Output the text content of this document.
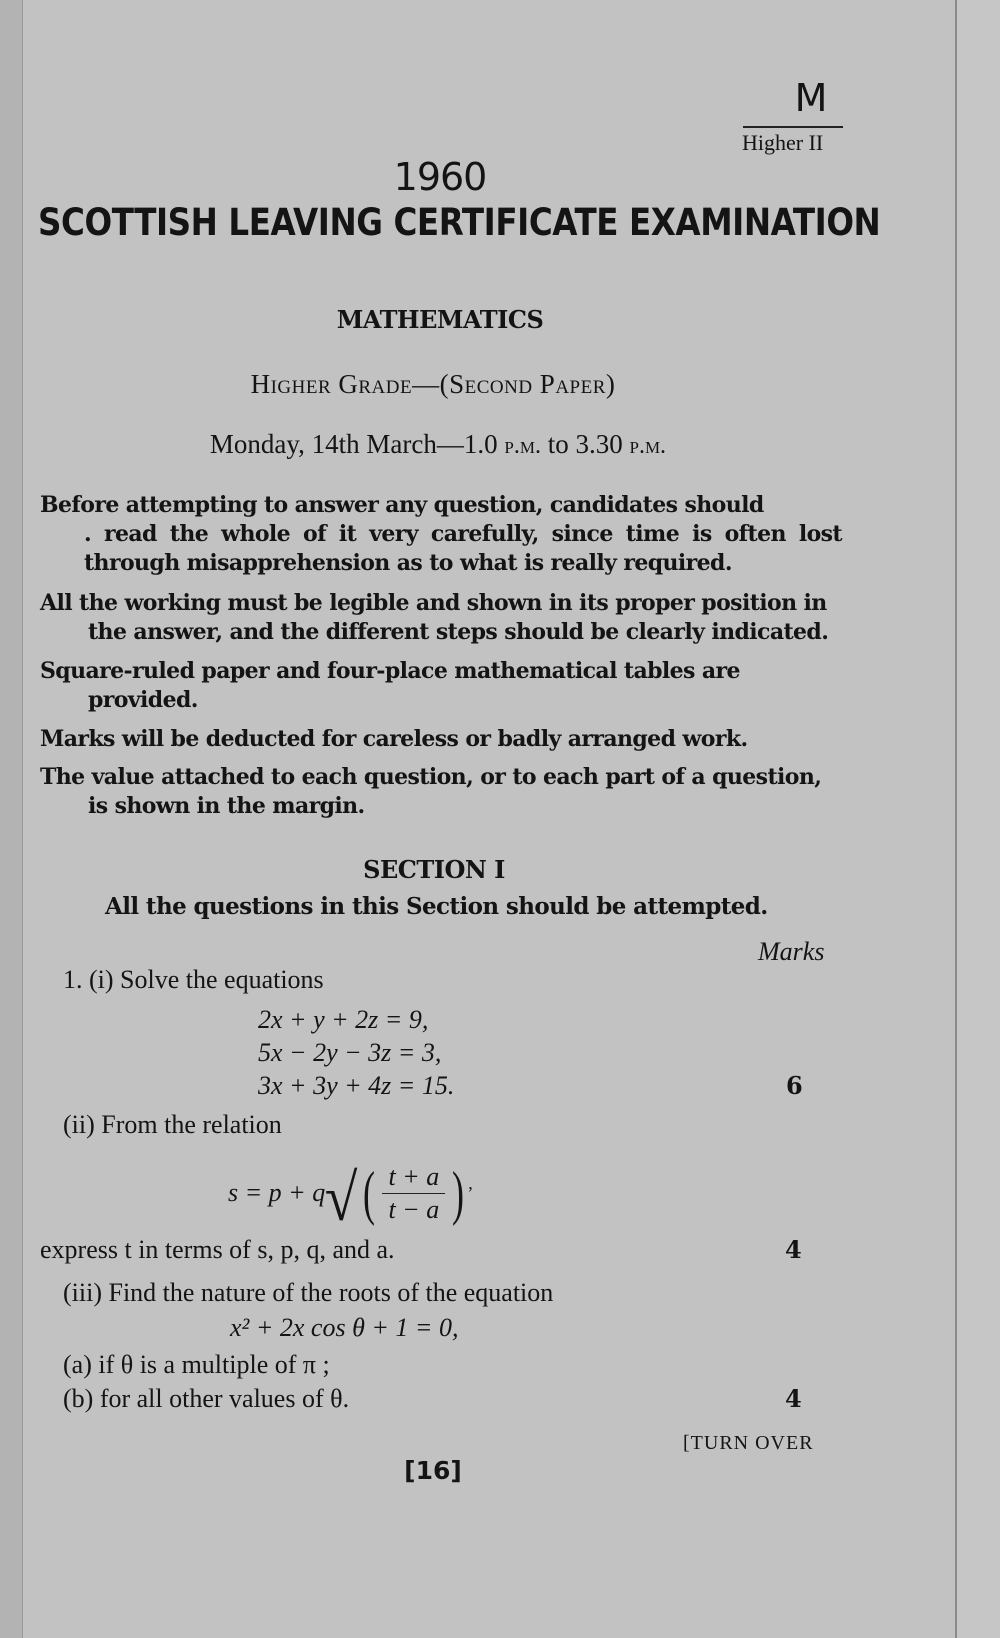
M
Higher II
1960
SCOTTISH LEAVING CERTIFICATE EXAMINATION
MATHEMATICS
Higher Grade—(Second Paper)
Monday, 14th March—1.0 p.m. to 3.30 p.m.
Before attempting to answer any question, candidates should
. read the whole of it very carefully, since time is often lost through misapprehension as to what is really required.
All the working must be legible and shown in its proper position in
the answer, and the different steps should be clearly indicated.
Square-ruled paper and four-place mathematical tables are
provided.
Marks will be deducted for careless or badly arranged work.
The value attached to each question, or to each part of a question,
is shown in the margin.
SECTION I
All the questions in this Section should be attempted.
Marks
1. (i) Solve the equations
2x + y + 2z = 9,
5x − 2y − 3z = 3,
3x + 3y + 4z = 15.	6
(ii) From the relation
s = p + q √ ( $\frac{t + a}{t - a}$ ) ,
express t in terms of s, p, q, and a.	4
(iii) Find the nature of the roots of the equation
x² + 2x cos θ + 1 = 0,
(a) if θ is a multiple of π ;
(b) for all other values of θ.	4
[TURN OVER
[16]
